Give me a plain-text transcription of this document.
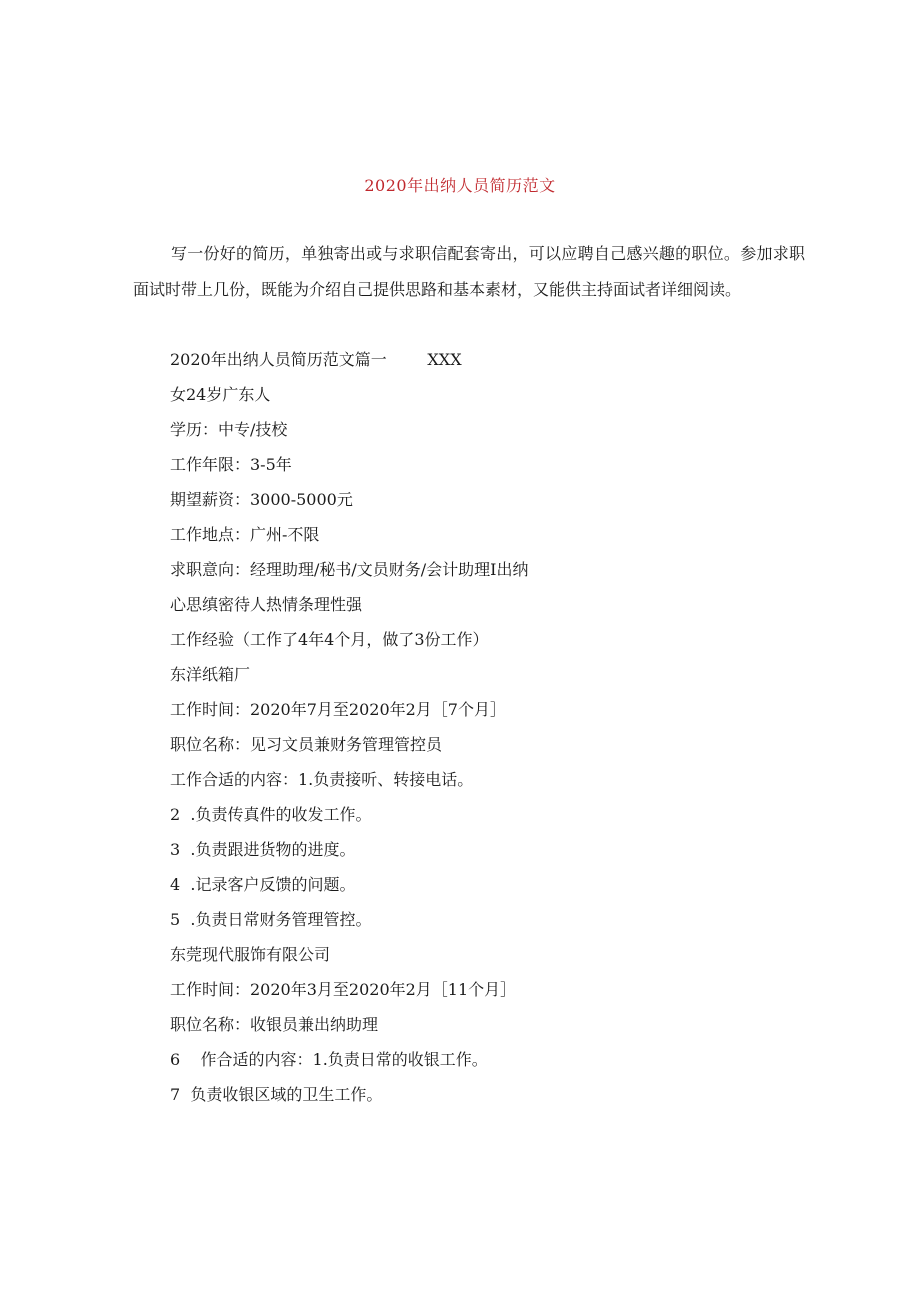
2020年出纳人员简历范文

写一份好的简历，单独寄出或与求职信配套寄出，可以应聘自己感兴趣的职位。参加求职面试时带上几份，既能为介绍自己提供思路和基本素材，又能供主持面试者详细阅读。

2020年出纳人员简历范文篇一        XXX
女24岁广东人
学历：中专/技校
工作年限：3-5年
期望薪资：3000-5000元
工作地点：广州-不限
求职意向：经理助理/秘书/文员财务/会计助理I出纳
心思缜密待人热情条理性强
工作经验（工作了4年4个月，做了3份工作）
东洋纸箱厂
工作时间：2020年7月至2020年2月［7个月］
职位名称：见习文员兼财务管理管控员
工作合适的内容：1.负责接听、转接电话。
2  .负责传真件的收发工作。
3  .负责跟进货物的进度。
4  .记录客户反馈的问题。
5  .负责日常财务管理管控。
东莞现代服饰有限公司
工作时间：2020年3月至2020年2月［11个月］
职位名称：收银员兼出纳助理
6    作合适的内容：1.负责日常的收银工作。
7  负责收银区域的卫生工作。
